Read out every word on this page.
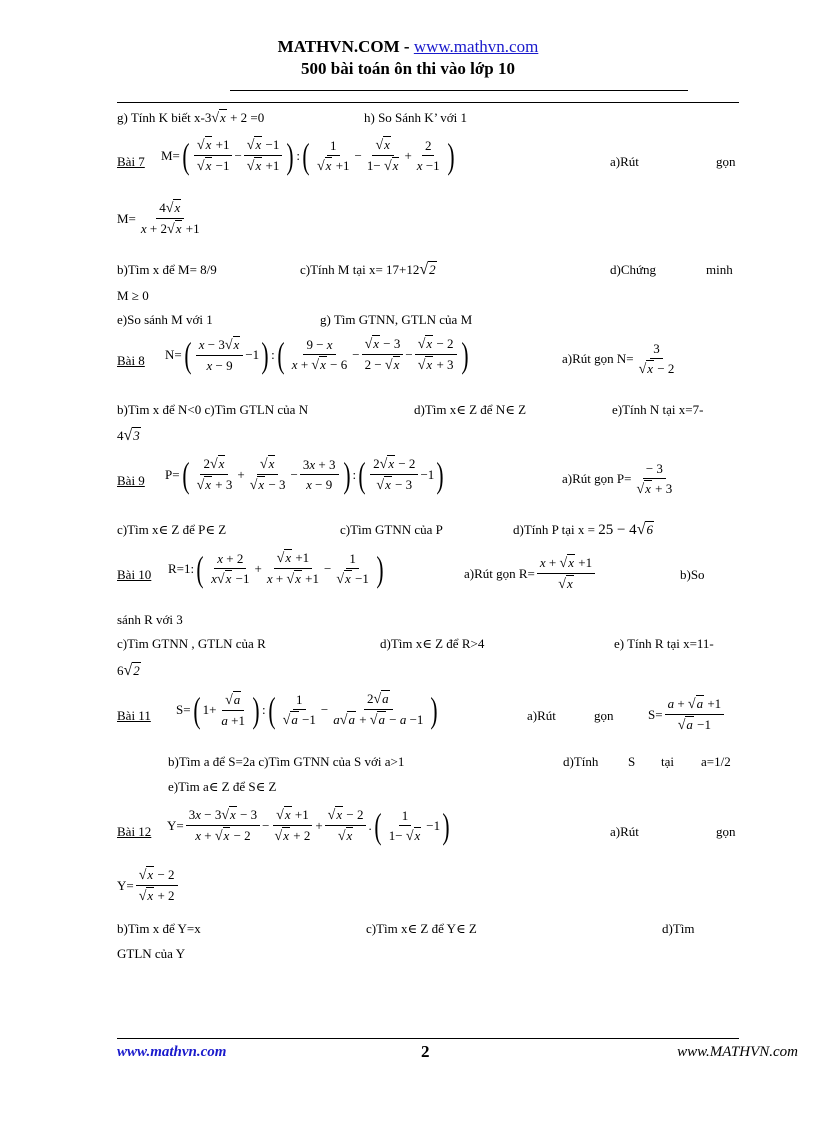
MATHVN.COM - www.mathvn.com
500 bài toán ôn thi vào lớp 10
g) Tính K biết x-3√x + 2 =0	h) So Sánh K’ với 1
Bài 7 M= ( $\frac{√x +1}{√x -1} - \frac{√x -1}{√x +1}$ ) : ( $\frac{1}{√x +1} - \frac{√x}{1- √x} + \frac{2}{x -1}$ )	a)Rút	gọn
$M= \frac{4√x}{x + 2√x +1}$
b)Tìm x để M= 8/9	c)Tính M tại x= 17+12√2	d)Chứng	minh
M ≥ 0
e)So sánh M với 1	g) Tìm GTNN, GTLN của M
Bài 8 N= ( $\frac{x - 3√x}{x - 9} -1$ ) : ( $\frac{9 - x}{x + √x - 6} - \frac{√x - 3}{2 - √x} - \frac{√x - 2}{√x + 3}$ )	a)Rút gọn $N= \frac{3}{√x - 2}$
b)Tìm x để N<0 c)Tìm GTLN của N	d)Tìm x∈ Z để N∈ Z	e)Tính N tại x=7-
4√3
Bài 9 P= ( $\frac{2√x}{√x + 3} + \frac{√x}{√x - 3} - \frac{3x + 3}{x - 9}$ ) : ( $\frac{2√x - 2}{√x - 3} -1$ )	a)Rút gọn $P= \frac{- 3}{√x + 3}$
c)Tìm x∈ Z để P∈ Z	c)Tìm GTNN của P	d)Tính P tại x = 25 − 4√6
Bài 10 R=1: ( $\frac{x + 2}{x√x -1} + \frac{√x +1}{x + √x +1} - \frac{1}{√x -1}$ )	a)Rút gọn $R= \frac{x + √x +1}{√x}$	b)So
sánh R với 3
c)Tìm GTNN , GTLN của R	d)Tìm x∈ Z để R>4	e) Tính R tại x=11-
6√2
Bài 11 S= ( $1+ \frac{√a}{a +1}$ ) : ( $\frac{1}{√a -1} - \frac{2√a}{a√a + √a - a -1}$ )	a)Rút	gọn	$S= \frac{a + √a +1}{√a -1}$
b)Tìm a để S=2a c)Tìm GTNN của S với a>1	d)Tính S tại a=1/2
e)Tìm a∈ Z để S∈ Z
Bài 12 $Y= \frac{3x - 3√x - 3}{x + √x - 2} - \frac{√x +1}{√x + 2} + \frac{√x - 2}{√x}$ . ( $\frac{1}{1- √x} -1$ )	a)Rút	gọn
$Y= \frac{√x - 2}{√x + 2}$
b)Tìm x để Y=x	c)Tìm x∈ Z để Y∈ Z	d)Tìm
GTLN của Y
www.mathvn.com	2	www.MATHVN.com
